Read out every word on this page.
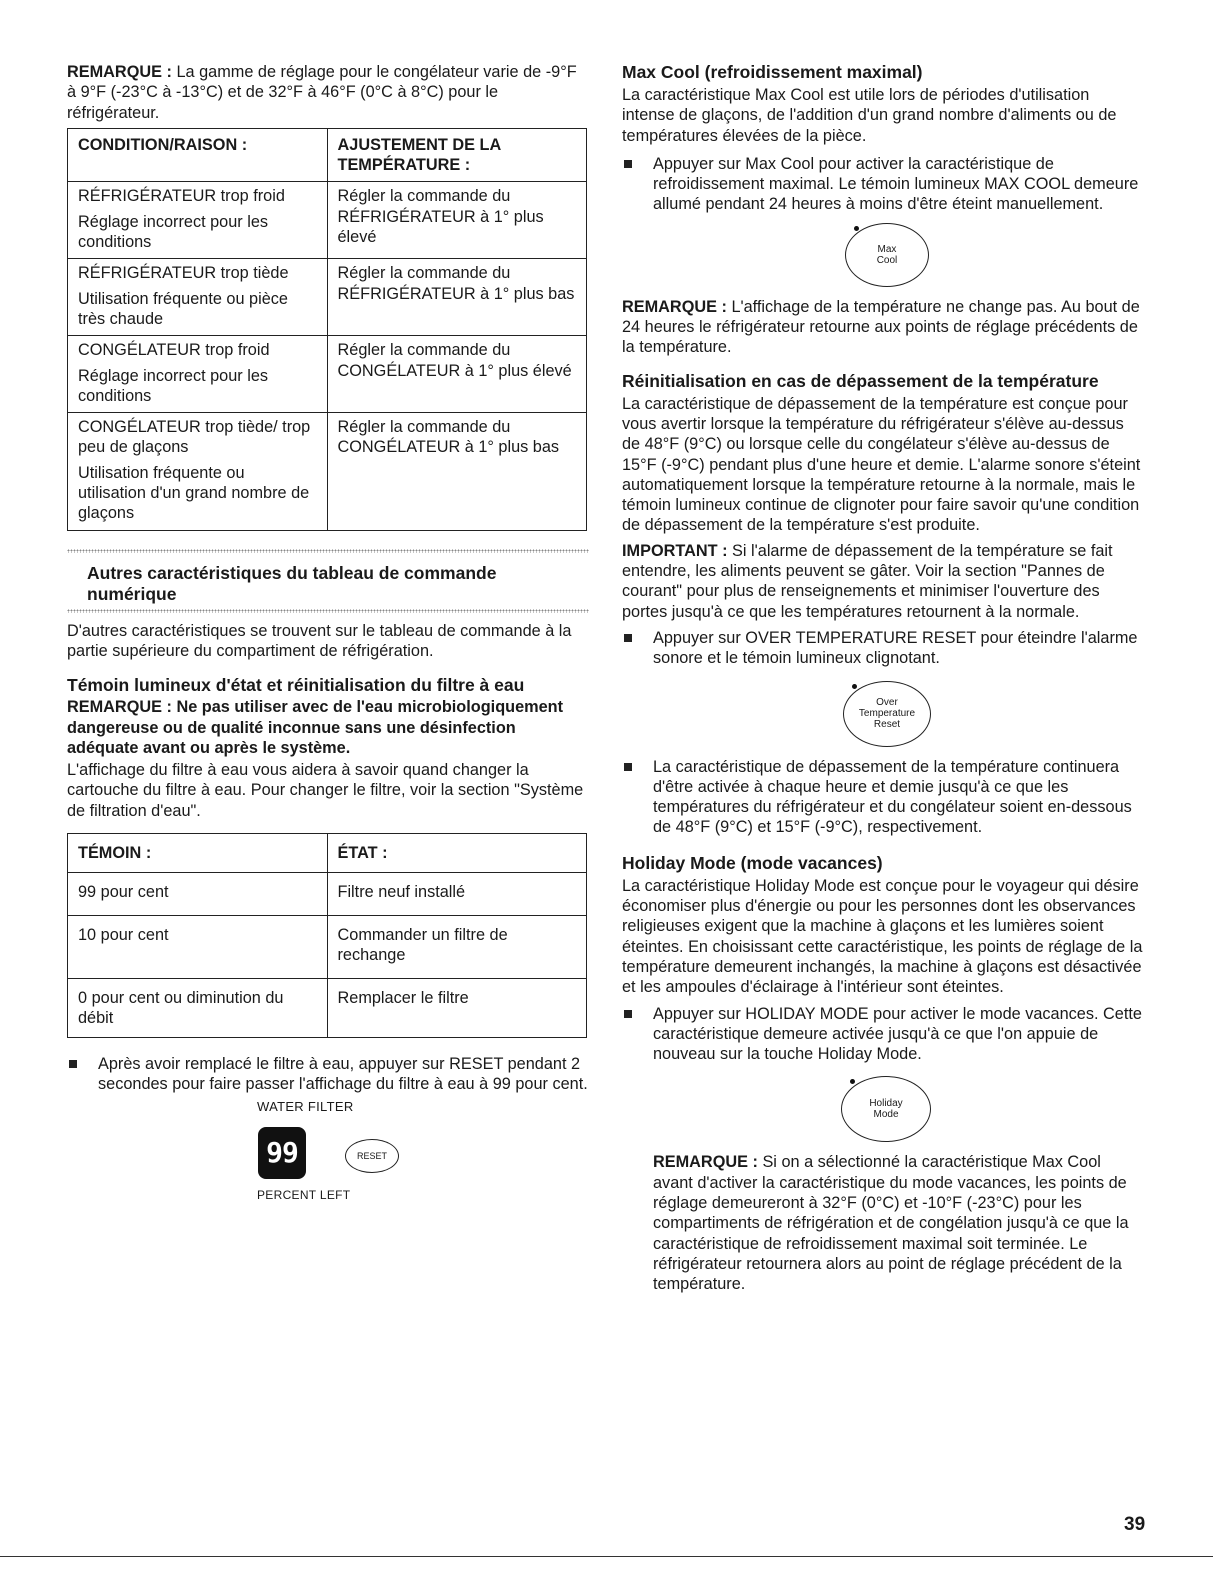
REMARQUE : La gamme de réglage pour le congélateur varie de -9°F à 9°F (-23°C à -13°C) et de 32°F à 46°F (0°C à 8°C) pour le réfrigérateur.

CONDITION/RAISON :	AJUSTEMENT DE LA
TEMPÉRATURE :

RÉFRIGÉRATEUR trop froid

Réglage incorrect pour les conditions	Régler la commande du RÉFRIGÉRATEUR à 1° plus élevé

RÉFRIGÉRATEUR trop tiède

Utilisation fréquente ou pièce très chaude	Régler la commande du RÉFRIGÉRATEUR à 1° plus bas

CONGÉLATEUR trop froid

Réglage incorrect pour les conditions	Régler la commande du CONGÉLATEUR à 1° plus élevé

CONGÉLATEUR trop tiède/ trop peu de glaçons

Utilisation fréquente ou utilisation d'un grand nombre de glaçons	Régler la commande du CONGÉLATEUR à 1° plus bas

Autres caractéristiques du tableau de commande numérique

D'autres caractéristiques se trouvent sur le tableau de commande à la partie supérieure du compartiment de réfrigération.

Témoin lumineux d'état et réinitialisation du filtre à eau

REMARQUE : Ne pas utiliser avec de l'eau microbiologiquement dangereuse ou de qualité inconnue sans une désinfection adéquate avant ou après le système.

L'affichage du filtre à eau vous aidera à savoir quand changer la cartouche du filtre à eau. Pour changer le filtre, voir la section "Système de filtration d'eau".

TÉMOIN :	ÉTAT :
99 pour cent	Filtre neuf installé
10 pour cent	Commander un filtre de rechange
0 pour cent ou diminution du débit	Remplacer le filtre

Après avoir remplacé le filtre à eau, appuyer sur RESET pendant 2 secondes pour faire passer l'affichage du filtre à eau à 99 pour cent.

WATER FILTER
99	RESET
PERCENT LEFT

Max Cool (refroidissement maximal)

La caractéristique Max Cool est utile lors de périodes d'utilisation intense de glaçons, de l'addition d'un grand nombre d'aliments ou de températures élevées de la pièce.

Appuyer sur Max Cool pour activer la caractéristique de refroidissement maximal. Le témoin lumineux MAX COOL demeure allumé pendant 24 heures à moins d'être éteint manuellement.

Max
Cool

REMARQUE : L'affichage de la température ne change pas. Au bout de 24 heures le réfrigérateur retourne aux points de réglage précédents de la température.

Réinitialisation en cas de dépassement de la température

La caractéristique de dépassement de la température est conçue pour vous avertir lorsque la température du réfrigérateur s'élève au-dessus de 48°F (9°C) ou lorsque celle du congélateur s'élève au-dessus de 15°F (-9°C) pendant plus d'une heure et demie. L'alarme sonore s'éteint automatiquement lorsque la température retourne à la normale, mais le témoin lumineux continue de clignoter pour faire savoir qu'une condition de dépassement de la température s'est produite.

IMPORTANT : Si l'alarme de dépassement de la température se fait entendre, les aliments peuvent se gâter. Voir la section "Pannes de courant" pour plus de renseignements et minimiser l'ouverture des portes jusqu'à ce que les températures retournent à la normale.

Appuyer sur OVER TEMPERATURE RESET pour éteindre l'alarme sonore et le témoin lumineux clignotant.

Over
Temperature
Reset

La caractéristique de dépassement de la température continuera d'être activée à chaque heure et demie jusqu'à ce que les températures du réfrigérateur et du congélateur soient en-dessous de 48°F (9°C) et 15°F (-9°C), respectivement.

Holiday Mode (mode vacances)

La caractéristique Holiday Mode est conçue pour le voyageur qui désire économiser plus d'énergie ou pour les personnes dont les observances religieuses exigent que la machine à glaçons et les lumières soient éteintes. En choisissant cette caractéristique, les points de réglage de la température demeurent inchangés, la machine à glaçons est désactivée et les ampoules d'éclairage à l'intérieur sont éteintes.

Appuyer sur HOLIDAY MODE pour activer le mode vacances. Cette caractéristique demeure activée jusqu'à ce que l'on appuie de nouveau sur la touche Holiday Mode.

Holiday
Mode

REMARQUE : Si on a sélectionné la caractéristique Max Cool avant d'activer la caractéristique du mode vacances, les points de réglage demeureront à 32°F (0°C) et -10°F (-23°C) pour les compartiments de réfrigération et de congélation jusqu'à ce que la caractéristique de refroidissement maximal soit terminée. Le réfrigérateur retournera alors au point de réglage précédent de la température.

39
